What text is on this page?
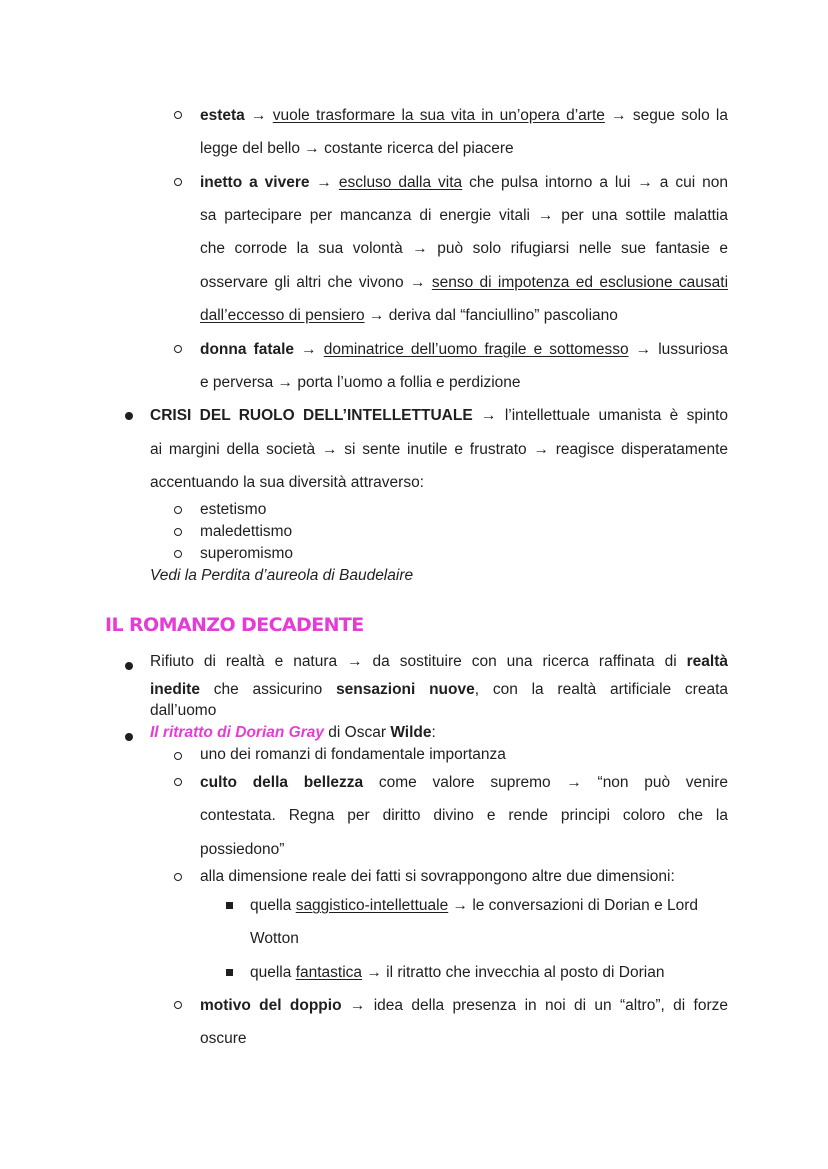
esteta → vuole trasformare la sua vita in un’opera d’arte → segue solo la
legge del bello → costante ricerca del piacere
inetto a vivere → escluso dalla vita che pulsa intorno a lui → a cui non
sa partecipare per mancanza di energie vitali → per una sottile malattia
che corrode la sua volontà → può solo rifugiarsi nelle sue fantasie e
osservare gli altri che vivono → senso di impotenza ed esclusione causati
dall’eccesso di pensiero → deriva dal “fanciullino” pascoliano
donna fatale → dominatrice dell’uomo fragile e sottomesso → lussuriosa
e perversa → porta l’uomo a follia e perdizione
CRISI DEL RUOLO DELL’INTELLETTUALE → l’intellettuale umanista è spinto
ai margini della società → si sente inutile e frustrato → reagisce disperatamente
accentuando la sua diversità attraverso:
estetismo
maledettismo
superomismo
Vedi la Perdita d’aureola di Baudelaire
IL ROMANZO DECADENTE
Rifiuto di realtà e natura → da sostituire con una ricerca raffinata di realtà
inedite che assicurino sensazioni nuove, con la realtà artificiale creata
dall’uomo
Il ritratto di Dorian Gray di Oscar Wilde:
uno dei romanzi di fondamentale importanza
culto della bellezza come valore supremo → “non può venire
contestata. Regna per diritto divino e rende principi coloro che la
possiedono”
alla dimensione reale dei fatti si sovrappongono altre due dimensioni:
quella saggistico-intellettuale → le conversazioni di Dorian e Lord
Wotton
quella fantastica → il ritratto che invecchia al posto di Dorian
motivo del doppio → idea della presenza in noi di un “altro”, di forze
oscure
